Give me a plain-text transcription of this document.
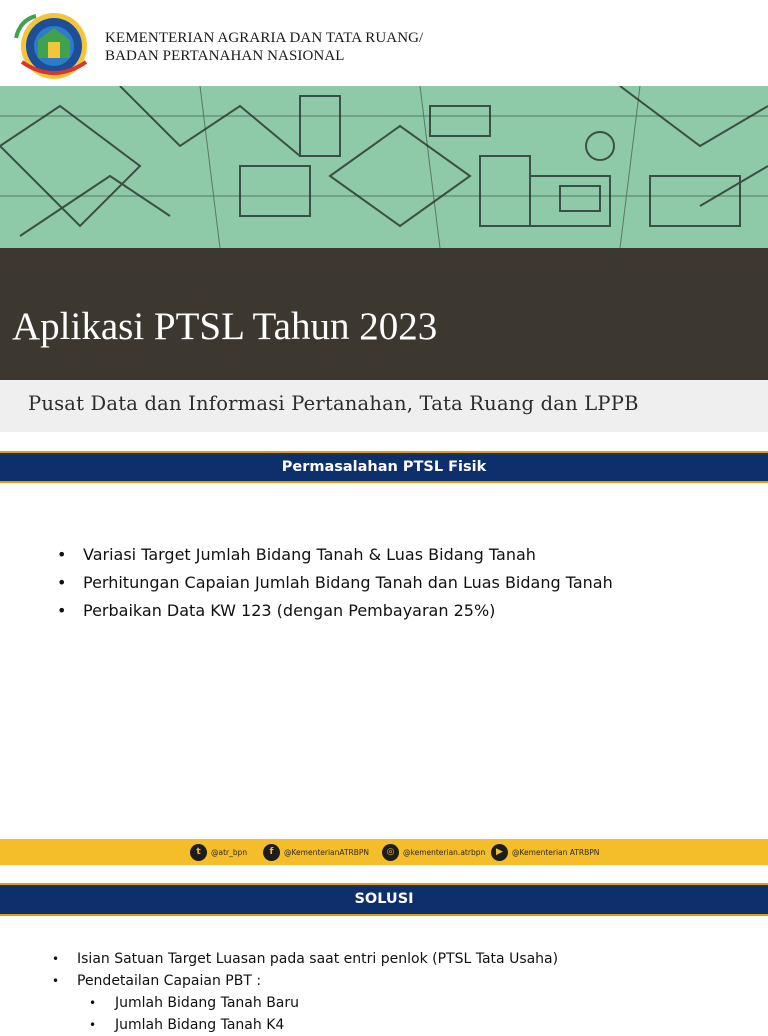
KEMENTERIAN AGRARIA DAN TATA RUANG/
BADAN PERTANAHAN NASIONAL
Aplikasi PTSL Tahun 2023
Pusat Data dan Informasi Pertanahan, Tata Ruang dan LPPB
Permasalahan PTSL Fisik
• Variasi Target Jumlah Bidang Tanah & Luas Bidang Tanah
• Perhitungan Capaian Jumlah Bidang Tanah dan Luas Bidang Tanah
• Perbaikan Data KW 123 (dengan Pembayaran 25%)
t	@atr_bpn	f	@KementerianATRBPN	◎	@kementerian.atrbpn	▶	@Kementerian ATRBPN
SOLUSI
• Isian Satuan Target Luasan pada saat entri penlok (PTSL Tata Usaha)
• Pendetailan Capaian PBT :
• Jumlah Bidang Tanah Baru
• Jumlah Bidang Tanah K4
